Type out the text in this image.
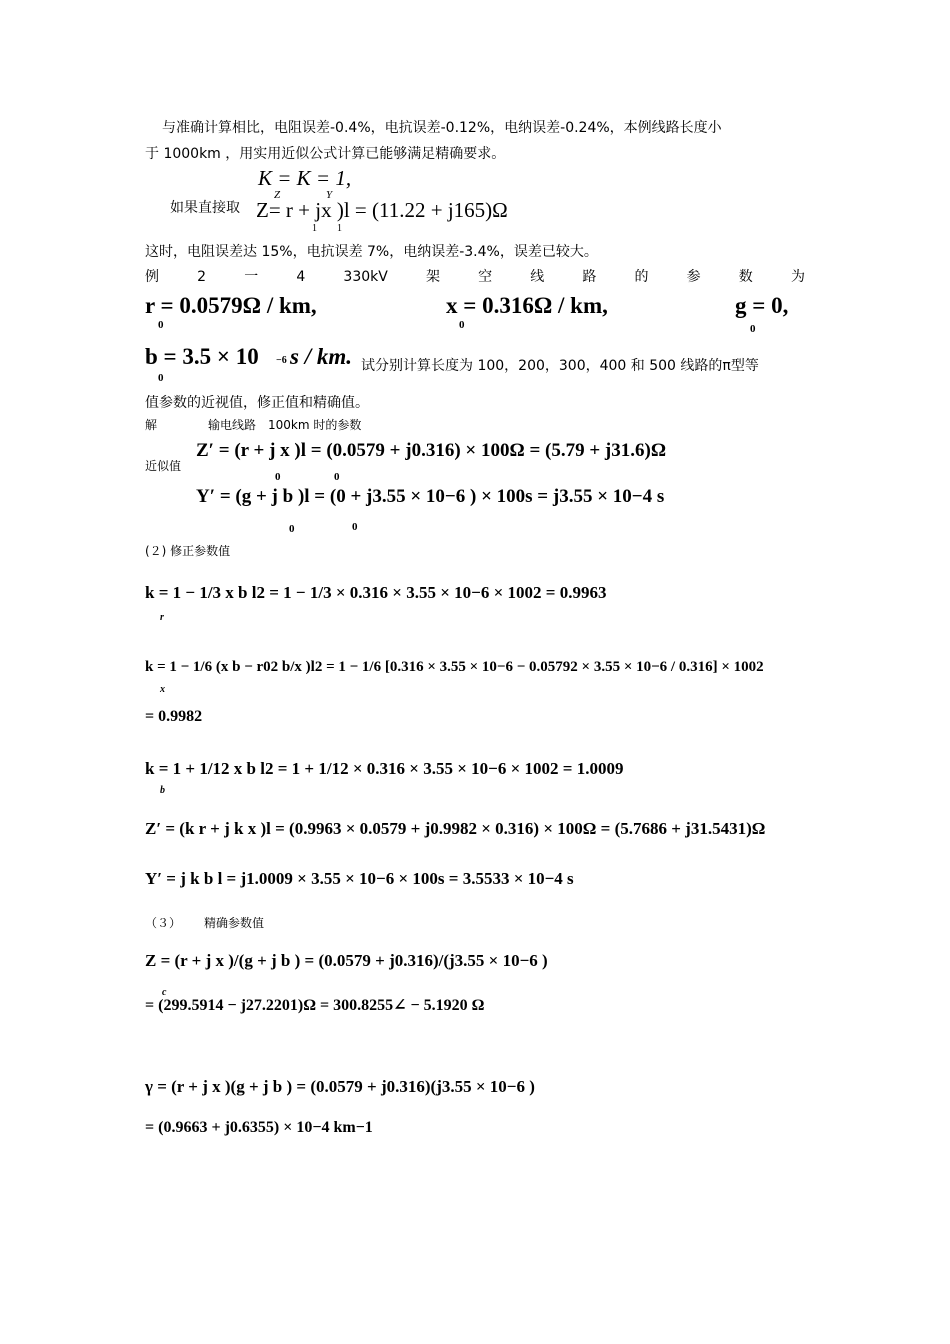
与准确计算相比，电阻误差-0.4%，电抗误差-0.12%，电纳误差-0.24%，本例线路长度小
于 1000km ，用实用近似公式计算已能够满足精确要求。
K = K = 1,
Z	Y
如果直接取 Z= r + jx )l = (11.22 + j165)Ω
1        1
这时，电阻误差达 15%，电抗误差 7%，电纳误差-3.4%，误差已较大。
例	2	一	4	330kV	架	空	线	路	的	参	数	为
r = 0.0579Ω / km,
0
x = 0.316Ω / km,
0
g = 0,
0
b = 3.5 × 10 −6 s / km.
0
试分别计算长度为 100，200，300，400 和 500 线路的π型等
值参数的近视值，修正值和精确值。
解	输电线路 100km 时的参数
近似值
Z′ = (r + j x )l = (0.0579 + j0.316) × 100Ω = (5.79 + j31.6)Ω
0	0
Y′ = (g + j b )l = (0 + j3.55 × 10−6 ) × 100s = j3.55 × 10−4 s
0	0
(２) 修正参数值
k = 1 − 1/3 x b l2 = 1 − 1/3 × 0.316 × 3.55 × 10−6 × 1002 = 0.9963
r
k = 1 − 1/6 (x b − r02 b/x )l2 = 1 − 1/6 [0.316 × 3.55 × 10−6 − 0.05792 × 3.55 × 10−6 / 0.316] × 1002
x
= 0.9982
k = 1 + 1/12 x b l2 = 1 + 1/12 × 0.316 × 3.55 × 10−6 × 1002 = 1.0009
b
Z′ = (k r + j k x )l = (0.9963 × 0.0579 + j0.9982 × 0.316) × 100Ω = (5.7686 + j31.5431)Ω
Y′ = j k b l = j1.0009 × 3.55 × 10−6 × 100s = 3.5533 × 10−4 s
（３） 精确参数值
Z = (r + j x )/(g + j b ) = (0.0579 + j0.316)/(j3.55 × 10−6 )
c
= (299.5914 − j27.2201)Ω = 300.8255∠ − 5.1920 Ω
γ = (r + j x )(g + j b ) = (0.0579 + j0.316)(j3.55 × 10−6 )
= (0.9663 + j0.6355) × 10−4 km−1
